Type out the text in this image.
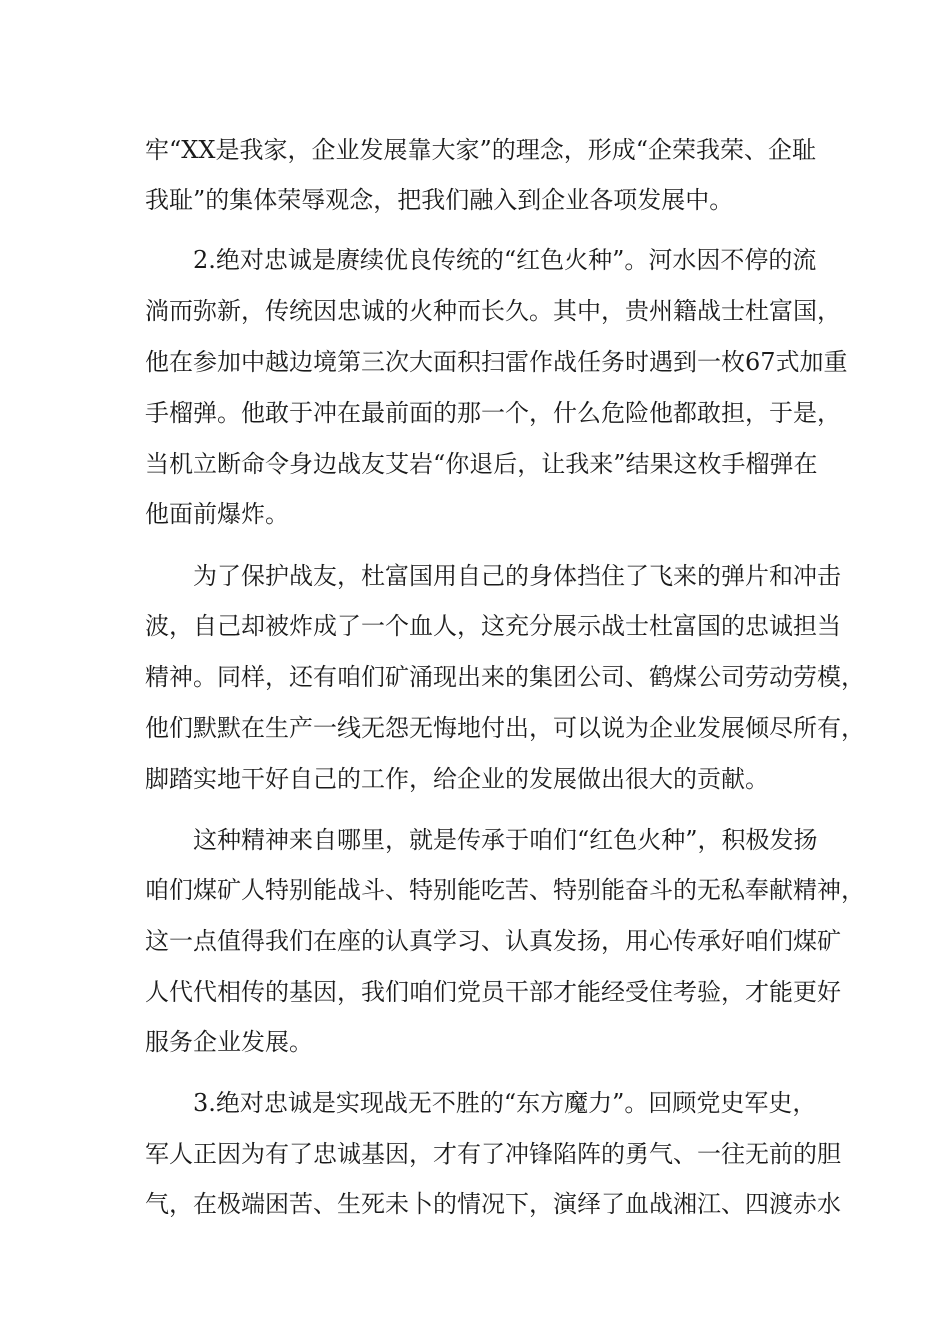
牢“XX是我家，企业发展靠大家”的理念，形成“企荣我荣、企耻
我耻”的集体荣辱观念，把我们融入到企业各项发展中。
2.绝对忠诚是赓续优良传统的“红色火种”。河水因不停的流
淌而弥新，传统因忠诚的火种而长久。其中，贵州籍战士杜富国，
他在参加中越边境第三次大面积扫雷作战任务时遇到一枚67式加重
手榴弹。他敢于冲在最前面的那一个，什么危险他都敢担，于是，
当机立断命令身边战友艾岩“你退后，让我来”结果这枚手榴弹在
他面前爆炸。
为了保护战友，杜富国用自己的身体挡住了飞来的弹片和冲击
波，自己却被炸成了一个血人，这充分展示战士杜富国的忠诚担当
精神。同样，还有咱们矿涌现出来的集团公司、鹤煤公司劳动劳模，
他们默默在生产一线无怨无悔地付出，可以说为企业发展倾尽所有，
脚踏实地干好自己的工作，给企业的发展做出很大的贡献。
这种精神来自哪里，就是传承于咱们“红色火种”，积极发扬
咱们煤矿人特别能战斗、特别能吃苦、特别能奋斗的无私奉献精神，
这一点值得我们在座的认真学习、认真发扬，用心传承好咱们煤矿
人代代相传的基因，我们咱们党员干部才能经受住考验，才能更好
服务企业发展。
3.绝对忠诚是实现战无不胜的“东方魔力”。回顾党史军史，
军人正因为有了忠诚基因，才有了冲锋陷阵的勇气、一往无前的胆
气，在极端困苦、生死未卜的情况下，演绎了血战湘江、四渡赤水
